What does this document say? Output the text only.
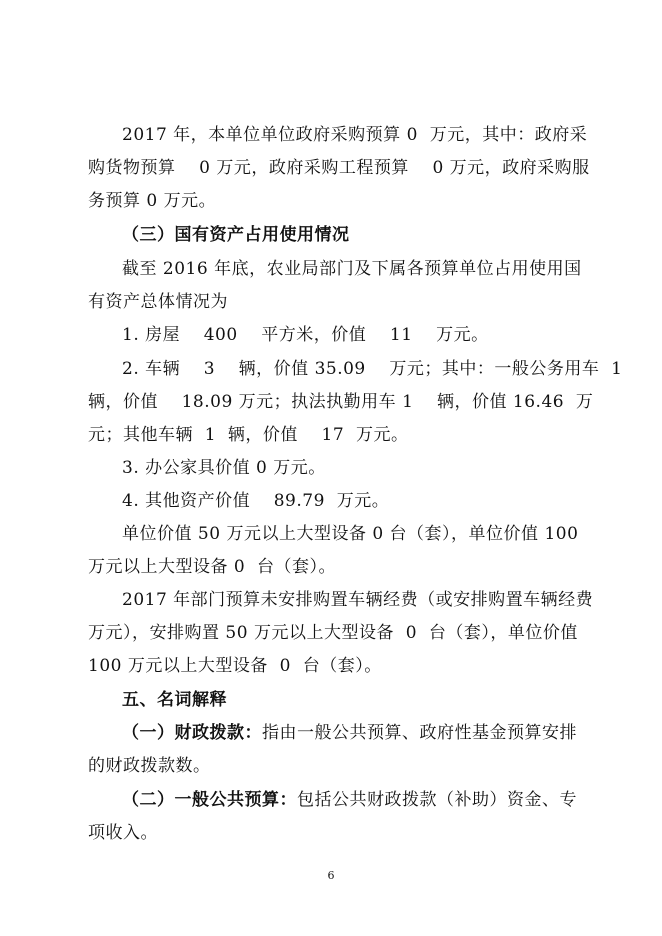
2017 年，本单位单位政府采购预算 0  万元，其中：政府采
购货物预算    0 万元，政府采购工程预算    0 万元，政府采购服
务预算 0 万元。
（三）国有资产占用使用情况
截至 2016 年底，农业局部门及下属各预算单位占用使用国
有资产总体情况为
1. 房屋    400    平方米，价值    11    万元。
2. 车辆    3    辆，价值 35.09    万元；其中：一般公务用车  1
辆，价值    18.09 万元；执法执勤用车 1    辆，价值 16.46  万
元；其他车辆  1  辆，价值    17  万元。
3. 办公家具价值 0 万元。
4. 其他资产价值    89.79  万元。
单位价值 50 万元以上大型设备 0 台（套），单位价值 100
万元以上大型设备 0  台（套）。
2017 年部门预算未安排购置车辆经费（或安排购置车辆经费
万元），安排购置 50 万元以上大型设备  0  台（套），单位价值
100 万元以上大型设备  0  台（套）。
五、名词解释
（一）财政拨款：指由一般公共预算、政府性基金预算安排
的财政拨款数。
（二）一般公共预算：包括公共财政拨款（补助）资金、专
项收入。
6
